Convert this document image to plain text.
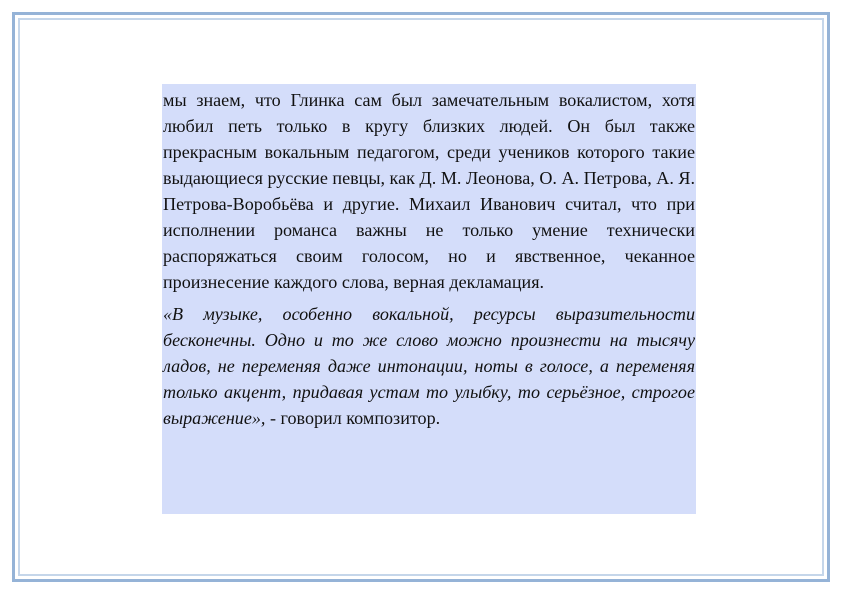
мы знаем, что Глинка сам был замечательным вокалистом, хотя любил петь только в кругу близких людей. Он был также прекрасным вокальным педагогом, среди учеников которого такие выдающиеся русские певцы, как Д. М. Леонова, О. А. Петрова, А. Я. Петрова-Воробьёва и другие. Михаил Иванович считал, что при исполнении романса важны не только умение технически распоряжаться своим голосом, но и явственное, чеканное произнесение каждого слова, верная декламация.

«В музыке, особенно вокальной, ресурсы выразительности бесконечны. Одно и то же слово можно произнести на тысячу ладов, не переменяя даже интонации, ноты в голосе, а переменяя только акцент, придавая устам то улыбку, то серьёзное, строгое выражение», - говорил композитор.
